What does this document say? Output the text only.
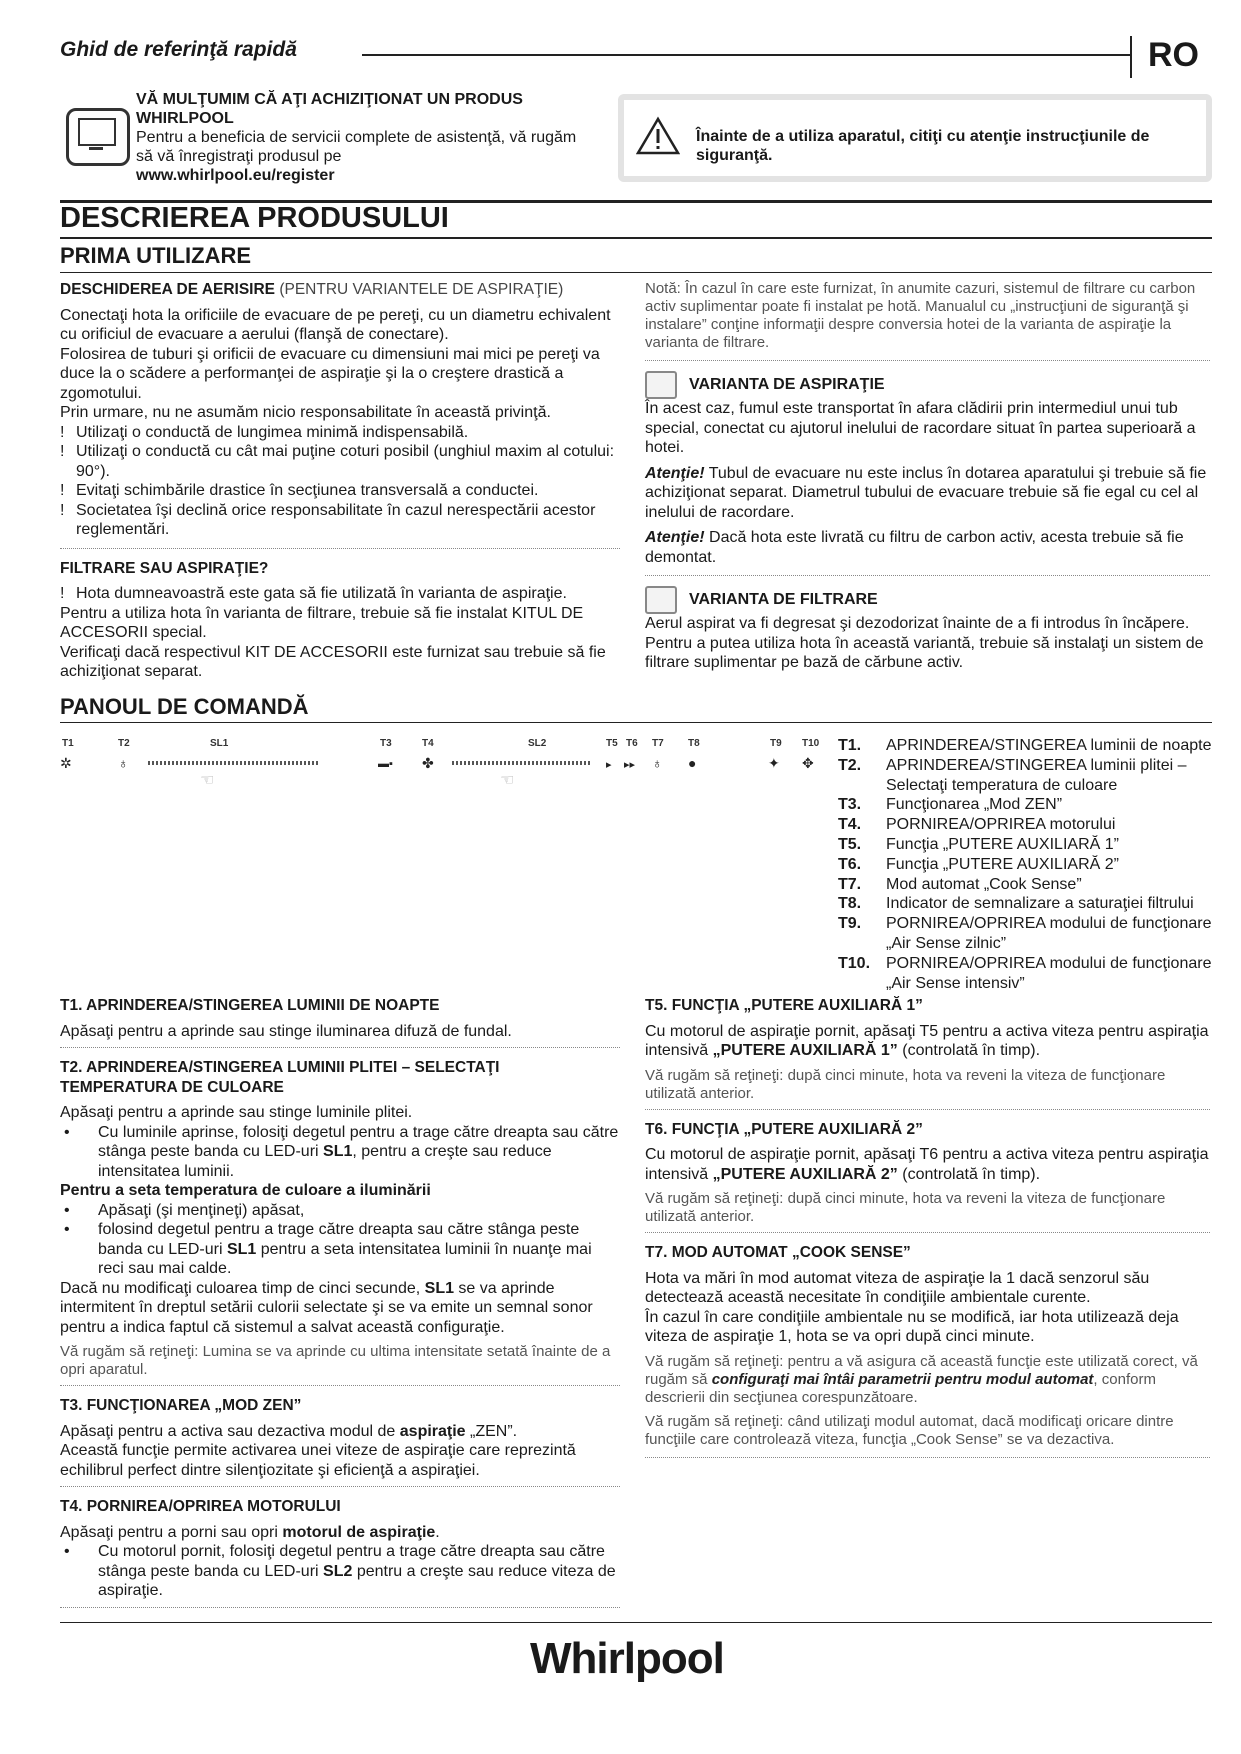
Ghid de referinţă rapidă	RO
VĂ MULŢUMIM CĂ AŢI ACHIZIŢIONAT UN PRODUS WHIRLPOOL
Pentru a beneficia de servicii complete de asistenţă, vă rugăm să vă înregistraţi produsul pe
www.whirlpool.eu/register
Înainte de a utiliza aparatul, citiţi cu atenţie instrucţiunile de siguranţă.
DESCRIEREA PRODUSULUI
PRIMA UTILIZARE

DESCHIDEREA DE AERISIRE (PENTRU VARIANTELE DE ASPIRAŢIE)

Conectaţi hota la orificiile de evacuare de pe pereţi, cu un diametru echivalent cu orificiul de evacuare a aerului (flanşă de conectare).

Folosirea de tuburi şi orificii de evacuare cu dimensiuni mai mici pe pereţi va duce la o scădere a performanţei de aspiraţie şi la o creştere drastică a zgomotului.

Prin urmare, nu ne asumăm nicio responsabilitate în această privinţă.

! Utilizaţi o conductă de lungimea minimă indispensabilă.
! Utilizaţi o conductă cu cât mai puţine coturi posibil (unghiul maxim al cotului: 90°).
! Evitaţi schimbările drastice în secţiunea transversală a conductei.
! Societatea îşi declină orice responsabilitate în cazul nerespectării acestor reglementări.

FILTRARE SAU ASPIRAŢIE?

! Hota dumneavoastră este gata să fie utilizată în varianta de aspiraţie.

Pentru a utiliza hota în varianta de filtrare, trebuie să fie instalat KITUL DE ACCESORII special.

Verificaţi dacă respectivul KIT DE ACCESORII este furnizat sau trebuie să fie achiziţionat separat.

Notă: În cazul în care este furnizat, în anumite cazuri, sistemul de filtrare cu carbon activ suplimentar poate fi instalat pe hotă. Manualul cu „instrucţiuni de siguranţă şi instalare” conţine informaţii despre conversia hotei de la varianta de aspiraţie la varianta de filtrare.
VARIANTA DE ASPIRAŢIE

În acest caz, fumul este transportat în afara clădirii prin intermediul unui tub special, conectat cu ajutorul inelului de racordare situat în partea superioară a hotei.

Atenţie! Tubul de evacuare nu este inclus în dotarea aparatului şi trebuie să fie achiziţionat separat. Diametrul tubului de evacuare trebuie să fie egal cu cel al inelului de racordare.

Atenţie! Dacă hota este livrată cu filtru de carbon activ, acesta trebuie să fie demontat.

VARIANTA DE FILTRARE

Aerul aspirat va fi degresat şi dezodorizat înainte de a fi introdus în încăpere. Pentru a putea utiliza hota în această variantă, trebuie să instalaţi un sistem de filtrare suplimentar pe bază de cărbune activ.

PANOUL DE COMANDĂ
T1	T2	SL1	T3	T4	SL2	T5 T6 T7 T8	T9 T10
✲	♁
☜
▬▪ ✤
☜
▸ ▸▸ ♁ ●	✦ ✥
T1.	APRINDEREA/STINGEREA luminii de noapte
T2.	APRINDEREA/STINGEREA luminii plitei – Selectaţi temperatura de culoare
T3.	Funcţionarea „Mod ZEN”
T4.	PORNIREA/OPRIREA motorului
T5.	Funcţia „PUTERE AUXILIARĂ 1”
T6.	Funcţia „PUTERE AUXILIARĂ 2”
T7.	Mod automat „Cook Sense”
T8.	Indicator de semnalizare a saturaţiei filtrului
T9.	PORNIREA/OPRIREA modului de funcţionare „Air Sense zilnic”
T10. PORNIREA/OPRIREA modului de funcţionare „Air Sense intensiv”

T1. APRINDEREA/STINGEREA LUMINII DE NOAPTE

Apăsaţi pentru a aprinde sau stinge iluminarea difuză de fundal.

T2. APRINDEREA/STINGEREA LUMINII PLITEI – SELECTAŢI TEMPERATURA DE CULOARE

Apăsaţi pentru a aprinde sau stinge luminile plitei.

•	Cu luminile aprinse, folosiţi degetul pentru a trage către dreapta sau către stânga peste banda cu LED-uri SL1, pentru a creşte sau reduce intensitatea luminii.

Pentru a seta temperatura de culoare a iluminării

•	Apăsaţi (şi menţineţi) apăsat,
•	folosind degetul pentru a trage către dreapta sau către stânga peste banda cu LED-uri SL1 pentru a seta intensitatea luminii în nuanţe mai reci sau mai calde.

Dacă nu modificaţi culoarea timp de cinci secunde, SL1 se va aprinde intermitent în dreptul setării culorii selectate şi se va emite un semnal sonor pentru a indica faptul că sistemul a salvat această configuraţie.

Vă rugăm să reţineţi: Lumina se va aprinde cu ultima intensitate setată înainte de a opri aparatul.

T3. FUNCŢIONAREA „MOD ZEN”

Apăsaţi pentru a activa sau dezactiva modul de aspiraţie „ZEN”.

Această funcţie permite activarea unei viteze de aspiraţie care reprezintă echilibrul perfect dintre silenţiozitate şi eficienţă a aspiraţiei.

T4. PORNIREA/OPRIREA MOTORULUI

Apăsaţi pentru a porni sau opri motorul de aspiraţie.

•	Cu motorul pornit, folosiţi degetul pentru a trage către dreapta sau către stânga peste banda cu LED-uri SL2 pentru a creşte sau reduce viteza de aspiraţie.

T5. FUNCŢIA „PUTERE AUXILIARĂ 1”

Cu motorul de aspiraţie pornit, apăsaţi T5 pentru a activa viteza pentru aspiraţia intensivă „PUTERE AUXILIARĂ 1” (controlată în timp).

Vă rugăm să reţineţi: după cinci minute, hota va reveni la viteza de funcţionare utilizată anterior.

T6. FUNCŢIA „PUTERE AUXILIARĂ 2”

Cu motorul de aspiraţie pornit, apăsaţi T6 pentru a activa viteza pentru aspiraţia intensivă „PUTERE AUXILIARĂ 2” (controlată în timp).

Vă rugăm să reţineţi: după cinci minute, hota va reveni la viteza de funcţionare utilizată anterior.

T7. MOD AUTOMAT „COOK SENSE”

Hota va mări în mod automat viteza de aspiraţie la 1 dacă senzorul său detectează această necesitate în condiţiile ambientale curente.

În cazul în care condiţiile ambientale nu se modifică, iar hota utilizează deja viteza de aspiraţie 1, hota se va opri după cinci minute.

Vă rugăm să reţineţi: pentru a vă asigura că această funcţie este utilizată corect, vă rugăm să configuraţi mai întâi parametrii pentru modul automat, conform descrierii din secţiunea corespunzătoare.

Vă rugăm să reţineţi: când utilizaţi modul automat, dacă modificaţi oricare dintre funcţiile care controlează viteza, funcţia „Cook Sense” se va dezactiva.

Whirlpool
